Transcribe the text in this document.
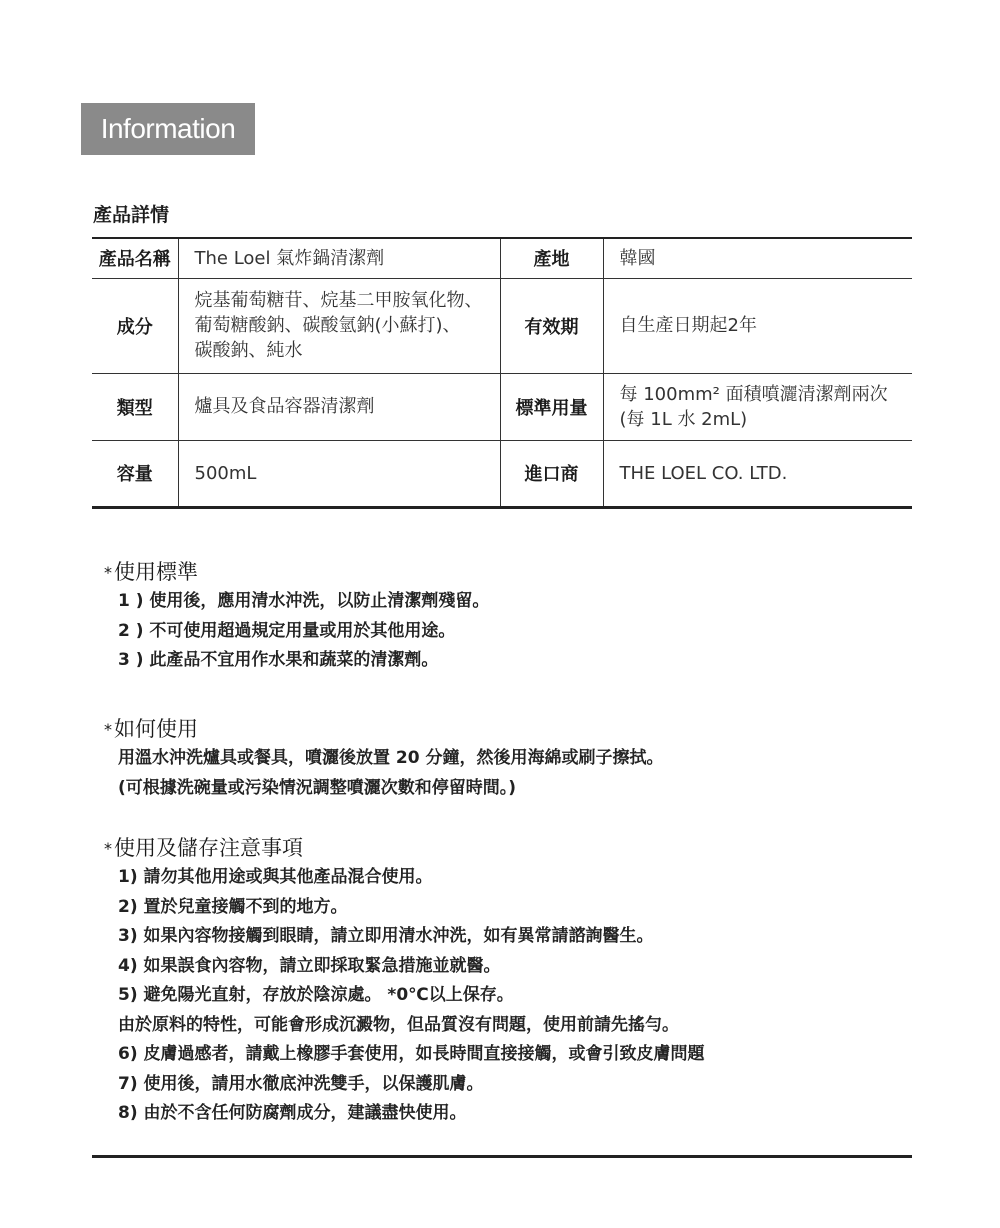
Information
產品詳情
產品名稱	The Loel 氣炸鍋清潔劑	產地	韓國

成分	烷基葡萄糖苷、烷基二甲胺氧化物、
葡萄糖酸鈉、碳酸氫鈉(小蘇打)、
碳酸鈉、純水	有效期	自生產日期起2年

類型	爐具及食品容器清潔劑	標準用量	每 100mm² 面積噴灑清潔劑兩次
(每 1L 水 2mL)

容量	500mL	進口商	THE LOEL CO. LTD.
*使用標準
1 ) 使用後，應用清水沖洗，以防止清潔劑殘留。
2 ) 不可使用超過規定用量或用於其他用途。
3 ) 此產品不宜用作水果和蔬菜的清潔劑。
*如何使用
用溫水沖洗爐具或餐具，噴灑後放置 20 分鐘，然後用海綿或刷子擦拭。
(可根據洗碗量或污染情況調整噴灑次數和停留時間。)
*使用及儲存注意事項
1) 請勿其他用途或與其他產品混合使用。
2) 置於兒童接觸不到的地方。
3) 如果內容物接觸到眼睛，請立即用清水沖洗，如有異常請諮詢醫生。
4) 如果誤食內容物，請立即採取緊急措施並就醫。
5) 避免陽光直射，存放於陰涼處。 *0℃以上保存。
由於原料的特性，可能會形成沉澱物，但品質沒有問題，使用前請先搖勻。
6) 皮膚過感者，請戴上橡膠手套使用，如長時間直接接觸，或會引致皮膚問題
7) 使用後，請用水徹底沖洗雙手，以保護肌膚。
8) 由於不含任何防腐劑成分，建議盡快使用。
